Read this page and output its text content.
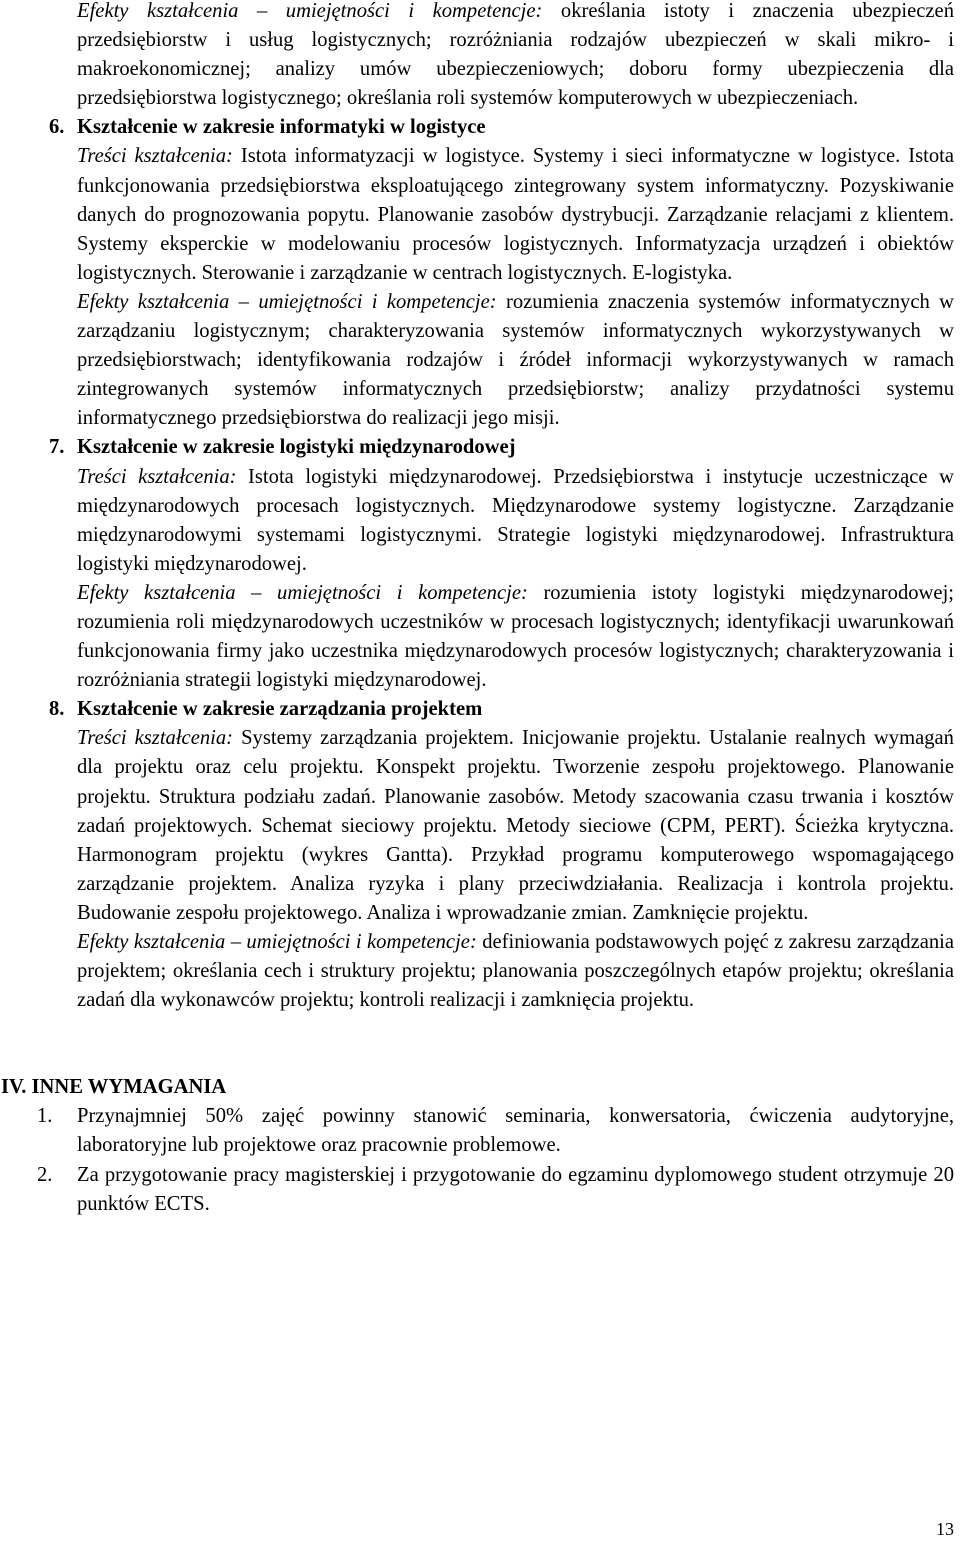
Efekty kształcenia – umiejętności i kompetencje: określania istoty i znaczenia ubezpieczeń przedsiębiorstw i usług logistycznych; rozróżniania rodzajów ubezpieczeń w skali mikro- i makroekonomicznej; analizy umów ubezpieczeniowych; doboru formy ubezpieczenia dla przedsiębiorstwa logistycznego; określania roli systemów komputerowych w ubezpieczeniach.

6. Kształcenie w zakresie informatyki w logistyce

Treści kształcenia: Istota informatyzacji w logistyce. Systemy i sieci informatyczne w logistyce. Istota funkcjonowania przedsiębiorstwa eksploatującego zintegrowany system informatyczny. Pozyskiwanie danych do prognozowania popytu. Planowanie zasobów dystrybucji. Zarządzanie relacjami z klientem. Systemy eksperckie w modelowaniu procesów logistycznych. Informatyzacja urządzeń i obiektów logistycznych. Sterowanie i zarządzanie w centrach logistycznych. E-logistyka.

Efekty kształcenia – umiejętności i kompetencje: rozumienia znaczenia systemów informatycznych w zarządzaniu logistycznym; charakteryzowania systemów informatycznych wykorzystywanych w przedsiębiorstwach; identyfikowania rodzajów i źródeł informacji wykorzystywanych w ramach zintegrowanych systemów informatycznych przedsiębiorstw; analizy przydatności systemu informatycznego przedsiębiorstwa do realizacji jego misji.

7. Kształcenie w zakresie logistyki międzynarodowej

Treści kształcenia: Istota logistyki międzynarodowej. Przedsiębiorstwa i instytucje uczestniczące w międzynarodowych procesach logistycznych. Międzynarodowe systemy logistyczne. Zarządzanie międzynarodowymi systemami logistycznymi. Strategie logistyki międzynarodowej. Infrastruktura logistyki międzynarodowej.

Efekty kształcenia – umiejętności i kompetencje: rozumienia istoty logistyki międzynarodowej; rozumienia roli międzynarodowych uczestników w procesach logistycznych; identyfikacji uwarunkowań funkcjonowania firmy jako uczestnika międzynarodowych procesów logistycznych; charakteryzowania i rozróżniania strategii logistyki międzynarodowej.

8. Kształcenie w zakresie zarządzania projektem

Treści kształcenia: Systemy zarządzania projektem. Inicjowanie projektu. Ustalanie realnych wymagań dla projektu oraz celu projektu. Konspekt projektu. Tworzenie zespołu projektowego. Planowanie projektu. Struktura podziału zadań. Planowanie zasobów. Metody szacowania czasu trwania i kosztów zadań projektowych. Schemat sieciowy projektu. Metody sieciowe (CPM, PERT). Ścieżka krytyczna. Harmonogram projektu (wykres Gantta). Przykład programu komputerowego wspomagającego zarządzanie projektem. Analiza ryzyka i plany przeciwdziałania. Realizacja i kontrola projektu. Budowanie zespołu projektowego. Analiza i wprowadzanie zmian. Zamknięcie projektu.

Efekty kształcenia – umiejętności i kompetencje: definiowania podstawowych pojęć z zakresu zarządzania projektem; określania cech i struktury projektu; planowania poszczególnych etapów projektu; określania zadań dla wykonawców projektu; kontroli realizacji i zamknięcia projektu.

IV. INNE WYMAGANIA
1. Przynajmniej 50% zajęć powinny stanowić seminaria, konwersatoria, ćwiczenia audytoryjne, laboratoryjne lub projektowe oraz pracownie problemowe.

2. Za przygotowanie pracy magisterskiej i przygotowanie do egzaminu dyplomowego student otrzymuje 20 punktów ECTS.

13
